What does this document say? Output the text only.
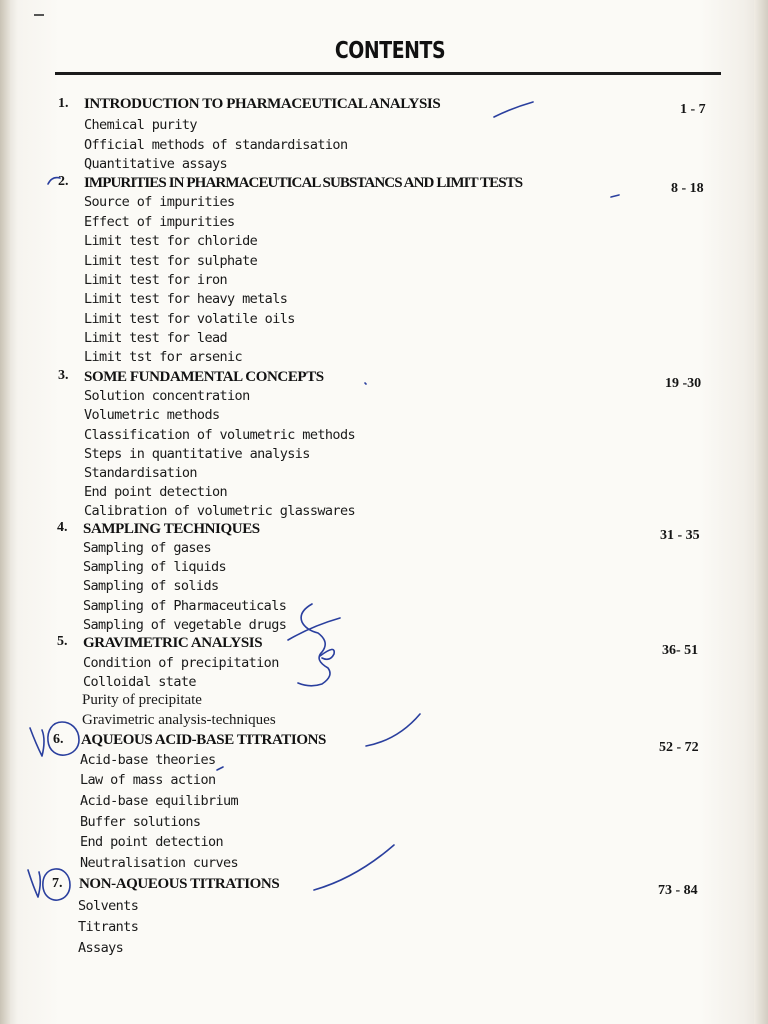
CONTENTS
1. INTRODUCTION TO PHARMACEUTICAL ANALYSIS	1 - 7
Chemical purity
Official methods of standardisation
Quantitative assays
2. IMPURITIES IN PHARMACEUTICAL SUBSTANCS AND LIMIT TESTS	8 - 18
Source of impurities
Effect of impurities
Limit test for chloride
Limit test for sulphate
Limit test for iron
Limit test for heavy metals
Limit test for volatile oils
Limit test for lead
Limit tst for arsenic
3. SOME FUNDAMENTAL CONCEPTS	19 -30
Solution concentration
Volumetric methods
Classification of volumetric methods
Steps in quantitative analysis
Standardisation
End point detection
Calibration of volumetric glasswares
4. SAMPLING TECHNIQUES	31 - 35
Sampling of gases
Sampling of liquids
Sampling of solids
Sampling of Pharmaceuticals
Sampling of vegetable drugs
5. GRAVIMETRIC ANALYSIS	36- 51
Condition of precipitation
Colloidal state
Purity of precipitate
Gravimetric analysis-techniques
6. AQUEOUS ACID-BASE TITRATIONS	52 - 72
Acid-base theories
Law of mass action
Acid-base equilibrium
Buffer solutions
End point detection
Neutralisation curves
7. NON-AQUEOUS TITRATIONS	73 - 84
Solvents
Titrants
Assays
